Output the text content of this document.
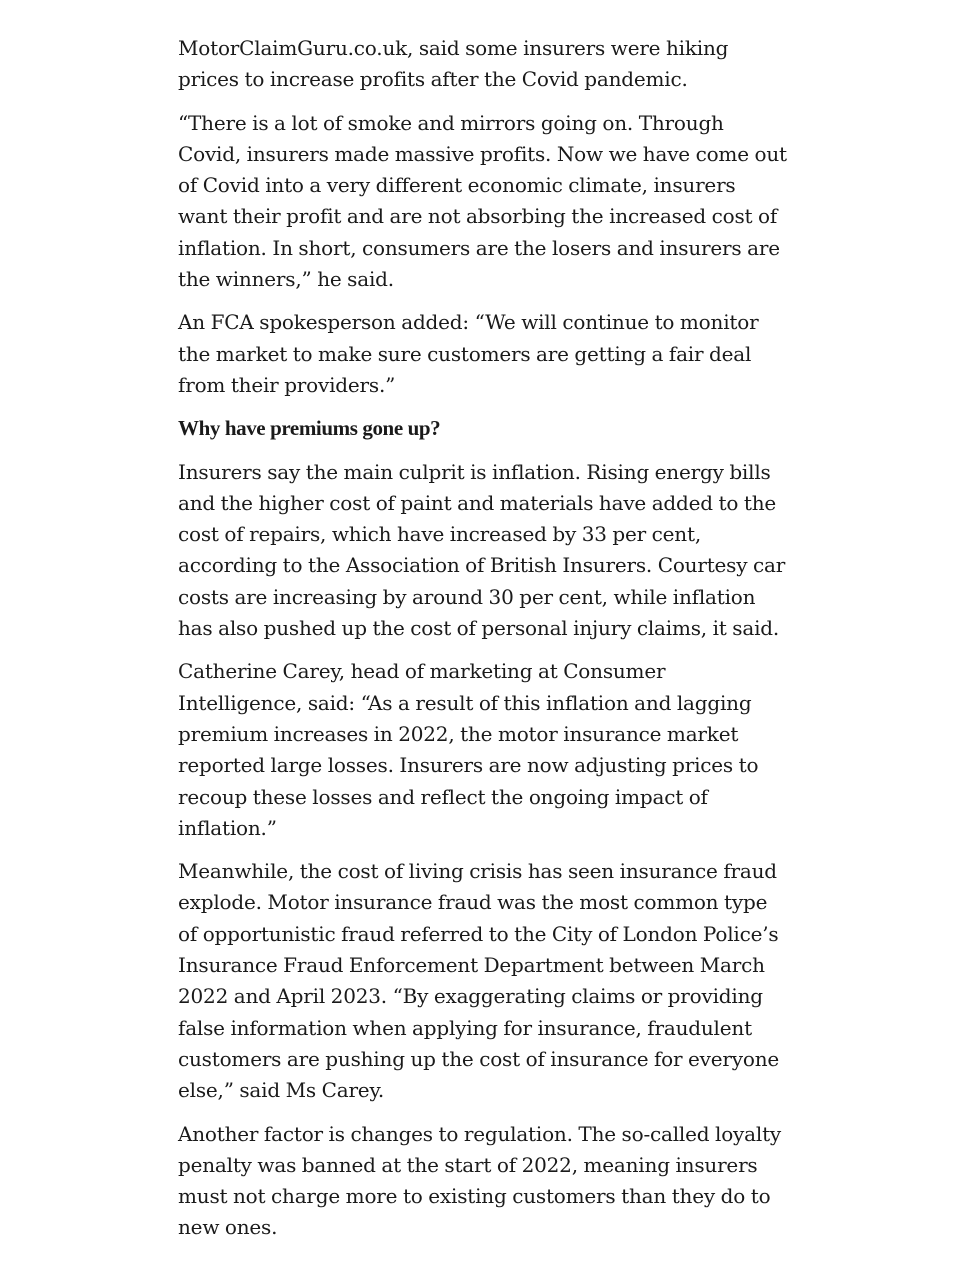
MotorClaimGuru.co.uk, said some insurers were hiking prices to increase profits after the Covid pandemic.

“There is a lot of smoke and mirrors going on. Through Covid, insurers made massive profits. Now we have come out of Covid into a very different economic climate, insurers want their profit and are not absorbing the increased cost of inflation. In short, consumers are the losers and insurers are the winners,” he said.

An FCA spokesperson added: “We will continue to monitor the market to make sure customers are getting a fair deal from their providers.”

Why have premiums gone up?

Insurers say the main culprit is inflation. Rising energy bills and the higher cost of paint and materials have added to the cost of repairs, which have increased by 33 per cent, according to the Association of British Insurers. Courtesy car costs are increasing by around 30 per cent, while inflation has also pushed up the cost of personal injury claims, it said.

Catherine Carey, head of marketing at Consumer Intelligence, said: “As a result of this inflation and lagging premium increases in 2022, the motor insurance market reported large losses. Insurers are now adjusting prices to recoup these losses and reflect the ongoing impact of inflation.”

Meanwhile, the cost of living crisis has seen insurance fraud explode. Motor insurance fraud was the most common type of opportunistic fraud referred to the City of London Police’s Insurance Fraud Enforcement Department between March 2022 and April 2023. “By exaggerating claims or providing false information when applying for insurance, fraudulent customers are pushing up the cost of insurance for everyone else,” said Ms Carey.

Another factor is changes to regulation. The so-called loyalty penalty was banned at the start of 2022, meaning insurers must not charge more to existing customers than they do to new ones.
